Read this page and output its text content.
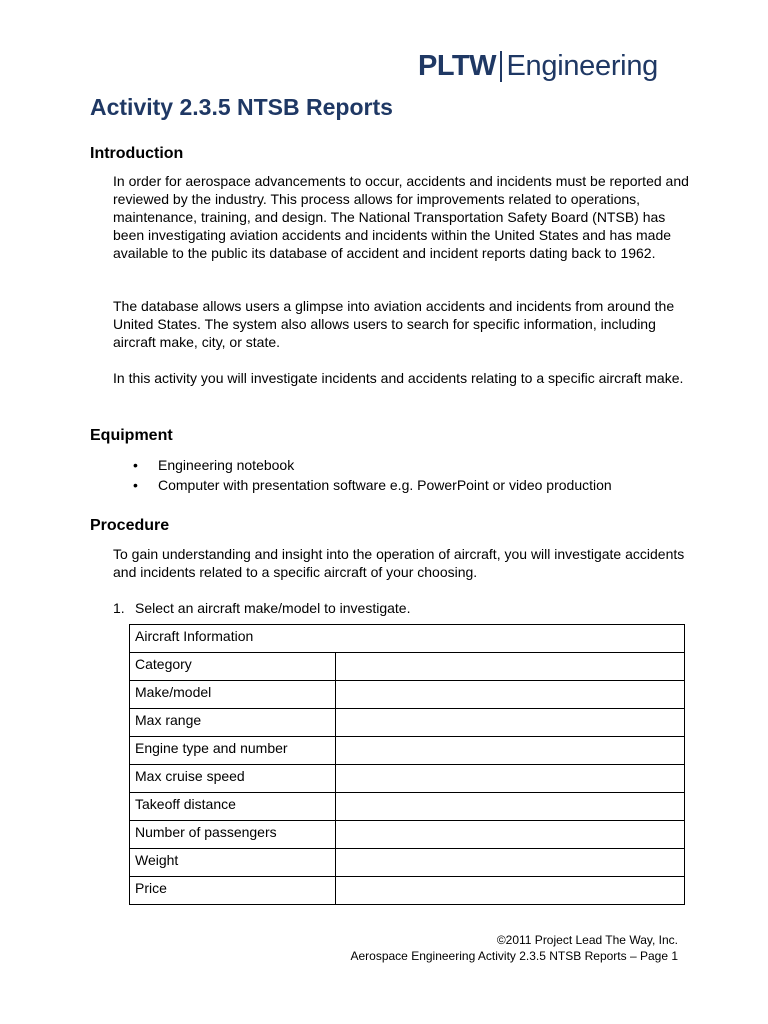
PLTW Engineering
Activity 2.3.5 NTSB Reports
Introduction

In order for aerospace advancements to occur, accidents and incidents must be reported and reviewed by the industry. This process allows for improvements related to operations, maintenance, training, and design. The National Transportation Safety Board (NTSB) has been investigating aviation accidents and incidents within the United States and has made available to the public its database of accident and incident reports dating back to 1962.

The database allows users a glimpse into aviation accidents and incidents from around the United States. The system also allows users to search for specific information, including aircraft make, city, or state.

In this activity you will investigate incidents and accidents relating to a specific aircraft make.

Equipment
•	Engineering notebook
•	Computer with presentation software e.g. PowerPoint or video production
Procedure

To gain understanding and insight into the operation of aircraft, you will investigate accidents and incidents related to a specific aircraft of your choosing.

1. Select an aircraft make/model to investigate.
Aircraft Information	
Category	
Make/model	
Max range	
Engine type and number	
Max cruise speed	
Takeoff distance	
Number of passengers	
Weight	
Price	
©2011 Project Lead The Way, Inc.
Aerospace Engineering Activity 2.3.5 NTSB Reports – Page 1
